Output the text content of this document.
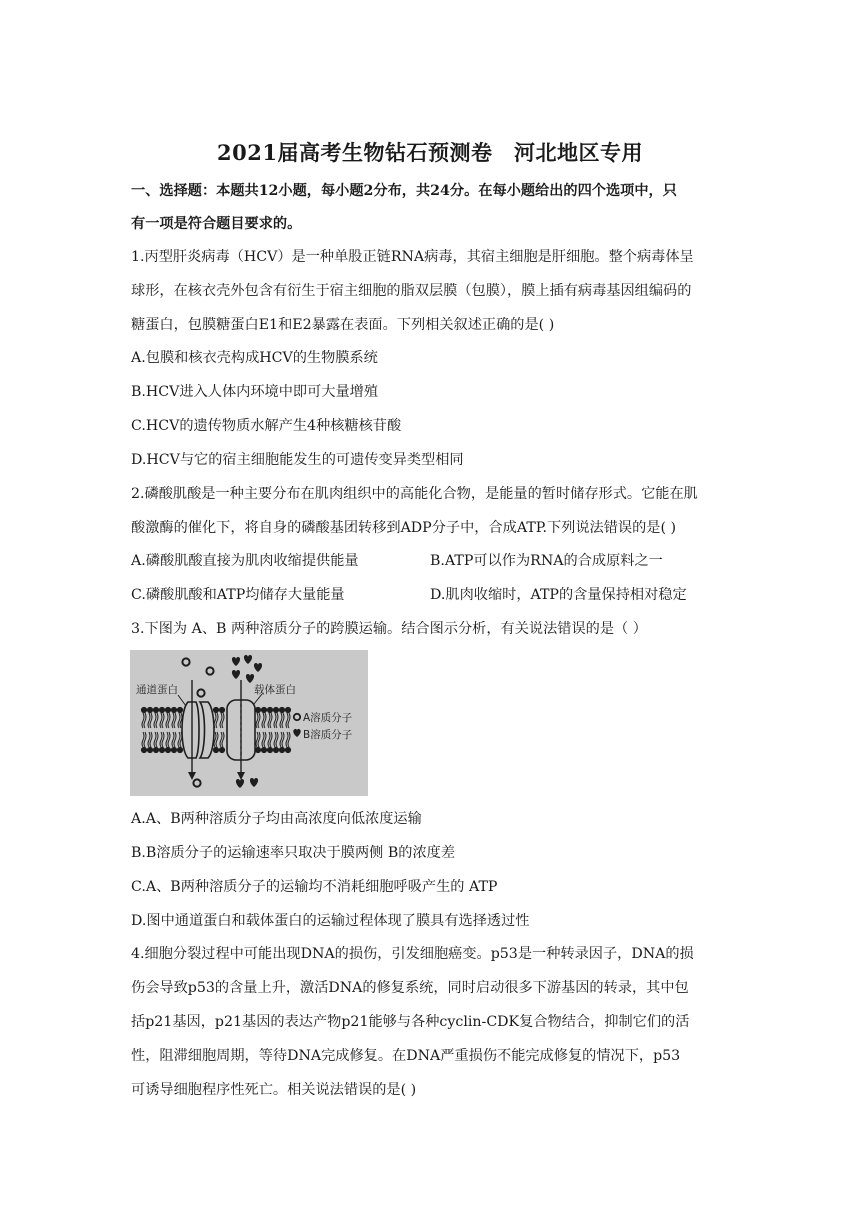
2021届高考生物钻石预测卷　河北地区专用
一、选择题：本题共12小题，每小题2分布，共24分。在每小题给出的四个选项中，只
有一项是符合题目要求的。
1.丙型肝炎病毒（HCV）是一种单股正链RNA病毒，其宿主细胞是肝细胞。整个病毒体呈
球形，在核衣壳外包含有衍生于宿主细胞的脂双层膜（包膜），膜上插有病毒基因组编码的
糖蛋白，包膜糖蛋白E1和E2暴露在表面。下列相关叙述正确的是( )
A.包膜和核衣壳构成HCV的生物膜系统
B.HCV进入人体内环境中即可大量增殖
C.HCV的遗传物质水解产生4种核糖核苷酸
D.HCV与它的宿主细胞能发生的可遗传变异类型相同
2.磷酸肌酸是一种主要分布在肌肉组织中的高能化合物，是能量的暂时储存形式。它能在肌
酸激酶的催化下，将自身的磷酸基团转移到ADP分子中，合成ATP.下列说法错误的是( )
A.磷酸肌酸直接为肌肉收缩提供能量	B.ATP可以作为RNA的合成原料之一
C.磷酸肌酸和ATP均储存大量能量	D.肌肉收缩时，ATP的含量保持相对稳定
3.下图为 A、B 两种溶质分子的跨膜运输。结合图示分析，有关说法错误的是（ ）
A溶质分子
B溶质分子
通道蛋白	载体蛋白
A.A、B两种溶质分子均由高浓度向低浓度运输
B.B溶质分子的运输速率只取决于膜两侧 B的浓度差
C.A、B两种溶质分子的运输均不消耗细胞呼吸产生的 ATP
D.图中通道蛋白和载体蛋白的运输过程体现了膜具有选择透过性
4.细胞分裂过程中可能出现DNA的损伤，引发细胞癌变。p53是一种转录因子，DNA的损
伤会导致p53的含量上升，激活DNA的修复系统，同时启动很多下游基因的转录，其中包
括p21基因，p21基因的表达产物p21能够与各种cyclin-CDK复合物结合，抑制它们的活
性，阻滞细胞周期，等待DNA完成修复。在DNA严重损伤不能完成修复的情况下，p53
可诱导细胞程序性死亡。相关说法错误的是( )
